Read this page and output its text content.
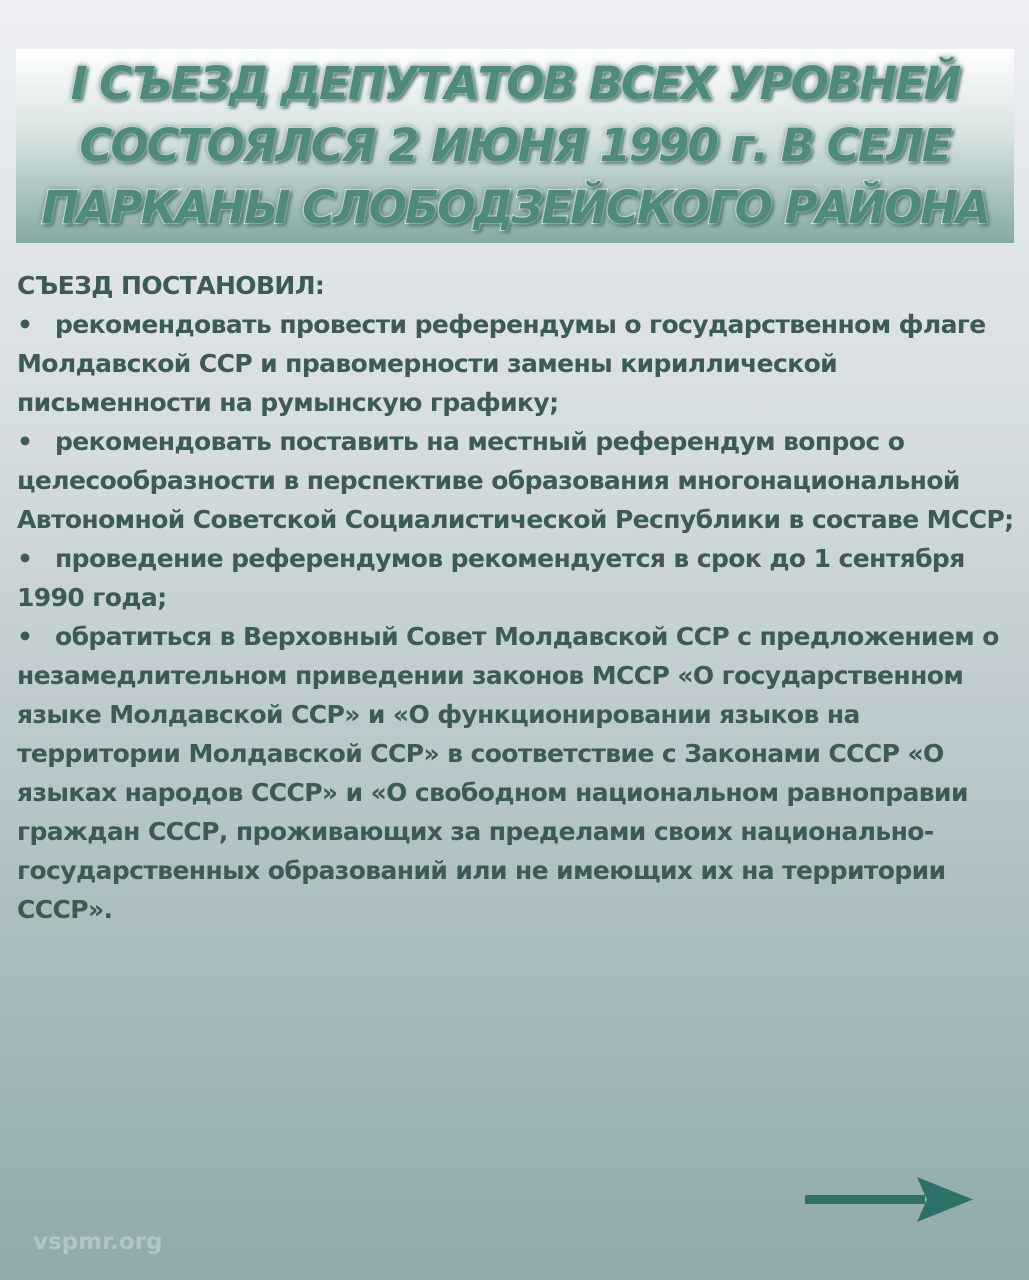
I СЪЕЗД ДЕПУТАТОВ ВСЕХ УРОВНЕЙ
СОСТОЯЛСЯ 2 ИЮНЯ 1990 г. В СЕЛЕ
ПАРКАНЫ СЛОБОДЗЕЙСКОГО РАЙОНА

СЪЕЗД ПОСТАНОВИЛ:

• рекомендовать провести референдумы о государственном флаге Молдавской ССР и правомерности замены кириллической письменности на румынскую графику;

• рекомендовать поставить на местный референдум вопрос о целесообразности в перспективе образования многонациональной Автономной Советской Социалистической Республики в составе МССР;

• проведение референдумов рекомендуется в срок до 1 сентября 1990 года;

• обратиться в Верховный Совет Молдавской ССР с предложением о незамедлительном приведении законов МССР «О государственном языке Молдавской ССР» и «О функционировании языков на территории Молдавской ССР» в соответствие с Законами СССР «О языках народов СССР» и «О свободном национальном равноправии граждан СССР, проживающих за пределами своих национально-государственных образований или не имеющих их на территории СССР».

vspmr.org
